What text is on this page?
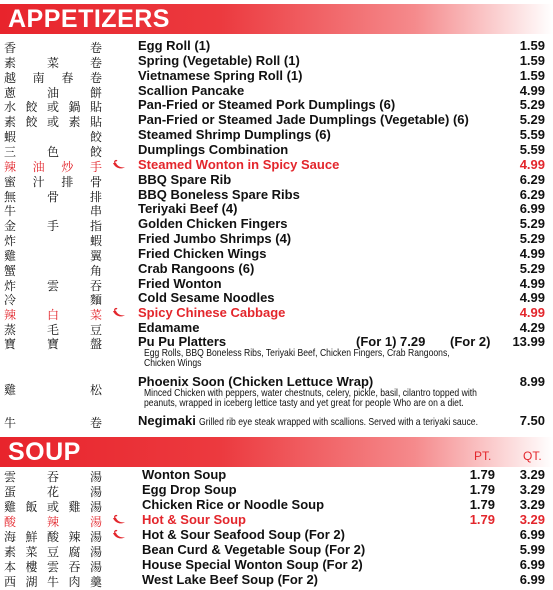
APPETIZERS
香 卷	Egg Roll (1)	1.59
素菜卷	Spring (Vegetable) Roll (1)	1.59
越南春卷	Vietnamese Spring Roll (1)	1.59
蔥油餅	Scallion Pancake	4.99
水餃或鍋貼	Pan-Fried or Steamed Pork Dumplings (6)	5.29
素餃或素貼	Pan-Fried or Steamed Jade Dumplings (Vegetable) (6)	5.29
蝦 餃	Steamed Shrimp Dumplings (6)	5.59
三色餃	Dumplings Combination	5.59
辣油炒手	Steamed Wonton in Spicy Sauce	4.99
蜜汁排骨	BBQ Spare Rib	6.29
無骨排	BBQ Boneless Spare Ribs	6.29
牛 串	Teriyaki Beef (4)	6.99
金手指	Golden Chicken Fingers	5.29
炸 蝦	Fried Jumbo Shrimps (4)	5.29
雞 翼	Fried Chicken Wings	4.99
蟹 角	Crab Rangoons (6)	5.29
炸雲吞	Fried Wonton	4.99
冷 麵	Cold Sesame Noodles	4.99
辣白菜	Spicy Chinese Cabbage	4.99
蒸毛豆	Edamame	4.29
寶寶盤	Pu Pu Platters	(For 1) 7.29 (For 2) 13.99
Egg Rolls, BBQ Boneless Ribs, Teriyaki Beef, Chicken Fingers, Crab Rangoons,
Chicken Wings
雞 松
Phoenix Soon (Chicken Lettuce Wrap)	8.99
Minced Chicken with peppers, water chestnuts, celery, pickle, basil, cilantro topped with
peanuts, wrapped in iceberg lettice tasty and yet great for people Who are on a diet.
牛 卷	Negimaki Grilled rib eye steak wrapped with scallions. Served with a teriyaki sauce.	7.50
SOUP	PT.	QT.
雲吞湯	Wonton Soup	1.79 3.29
蛋花湯	Egg Drop Soup	1.79 3.29
雞飯或雞湯	Chicken Rice or Noodle Soup	1.79 3.29
酸辣湯	Hot & Sour Soup	1.79 3.29
海鮮酸辣湯	Hot & Sour Seafood Soup (For 2)	6.99
素菜豆腐湯	Bean Curd & Vegetable Soup (For 2)	5.99
本樓雲吞湯	House Special Wonton Soup (For 2)	6.99
西湖牛肉羹	West Lake Beef Soup (For 2)	6.99
